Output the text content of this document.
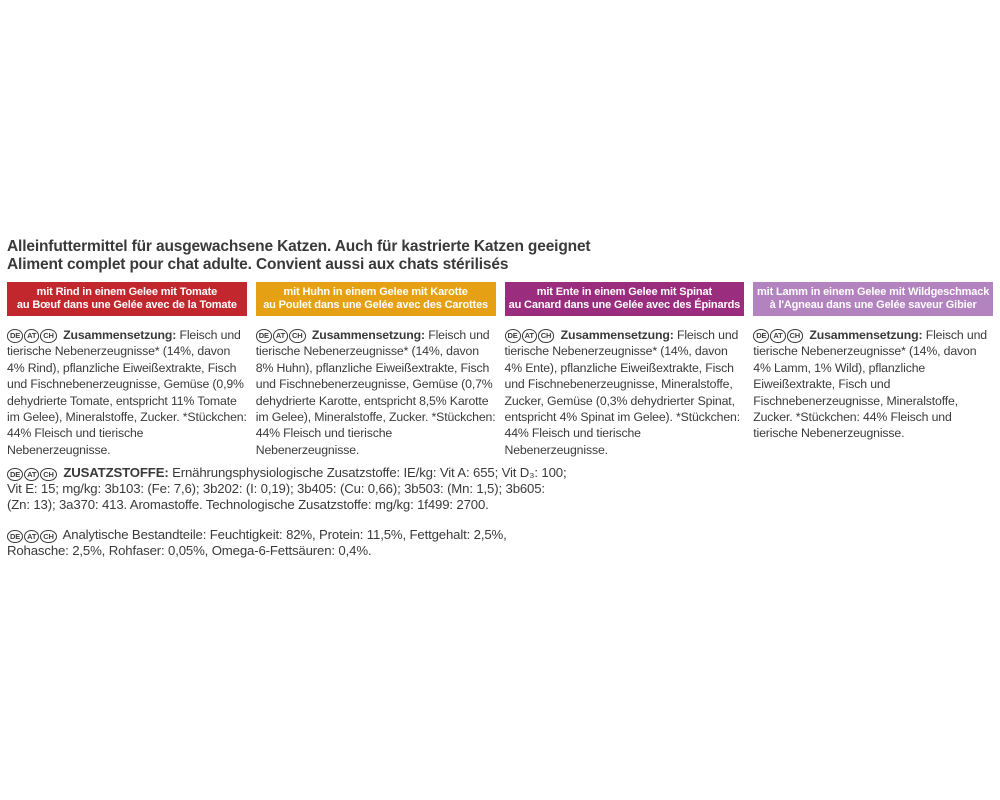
Alleinfuttermittel für ausgewachsene Katzen. Auch für kastrierte Katzen geeignet
Aliment complet pour chat adulte. Convient aussi aux chats stérilisés
mit Rind in einem Gelee mit Tomate
au Bœuf dans une Gelée avec de la Tomate
mit Huhn in einem Gelee mit Karotte
au Poulet dans une Gelée avec des Carottes
mit Ente in einem Gelee mit Spinat
au Canard dans une Gelée avec des Épinards
mit Lamm in einem Gelee mit Wildgeschmack
à l'Agneau dans une Gelée saveur Gibier

DE AT CH Zusammensetzung: Fleisch und tierische Nebenerzeugnisse* (14%, davon 4% Rind), pflanzliche Eiweißextrakte, Fisch und Fischnebenerzeugnisse, Gemüse (0,9% dehydrierte Tomate, entspricht 11% Tomate im Gelee), Mineralstoffe, Zucker. *Stückchen: 44% Fleisch und tierische Nebenerzeugnisse.

DE AT CH Zusammensetzung: Fleisch und tierische Nebenerzeugnisse* (14%, davon 8% Huhn), pflanzliche Eiweißextrakte, Fisch und Fischnebenerzeugnisse, Gemüse (0,7% dehydrierte Karotte, entspricht 8,5% Karotte im Gelee), Mineralstoffe, Zucker. *Stückchen: 44% Fleisch und tierische Nebenerzeugnisse.

DE AT CH Zusammensetzung: Fleisch und tierische Nebenerzeugnisse* (14%, davon 4% Ente), pflanzliche Eiweißextrakte, Fisch und Fischnebenerzeugnisse, Mineralstoffe, Zucker, Gemüse (0,3% dehydrierter Spinat, entspricht 4% Spinat im Gelee). *Stückchen: 44% Fleisch und tierische Nebenerzeugnisse.

DE AT CH Zusammensetzung: Fleisch und tierische Nebenerzeugnisse* (14%, davon 4% Lamm, 1% Wild), pflanzliche Eiweißextrakte, Fisch und Fischnebenerzeugnisse, Mineralstoffe, Zucker. *Stückchen: 44% Fleisch und tierische Nebenerzeugnisse.

DE AT CH ZUSATZSTOFFE: Ernährungsphysiologische Zusatzstoffe: IE/kg: Vit A: 655; Vit D₃: 100;
Vit E: 15; mg/kg: 3b103: (Fe: 7,6); 3b202: (I: 0,19); 3b405: (Cu: 0,66); 3b503: (Mn: 1,5); 3b605:
(Zn: 13); 3a370: 413. Aromastoffe. Technologische Zusatzstoffe: mg/kg: 1f499: 2700.
DE AT CH Analytische Bestandteile: Feuchtigkeit: 82%, Protein: 11,5%, Fettgehalt: 2,5%,
Rohasche: 2,5%, Rohfaser: 0,05%, Omega-6-Fettsäuren: 0,4%.
